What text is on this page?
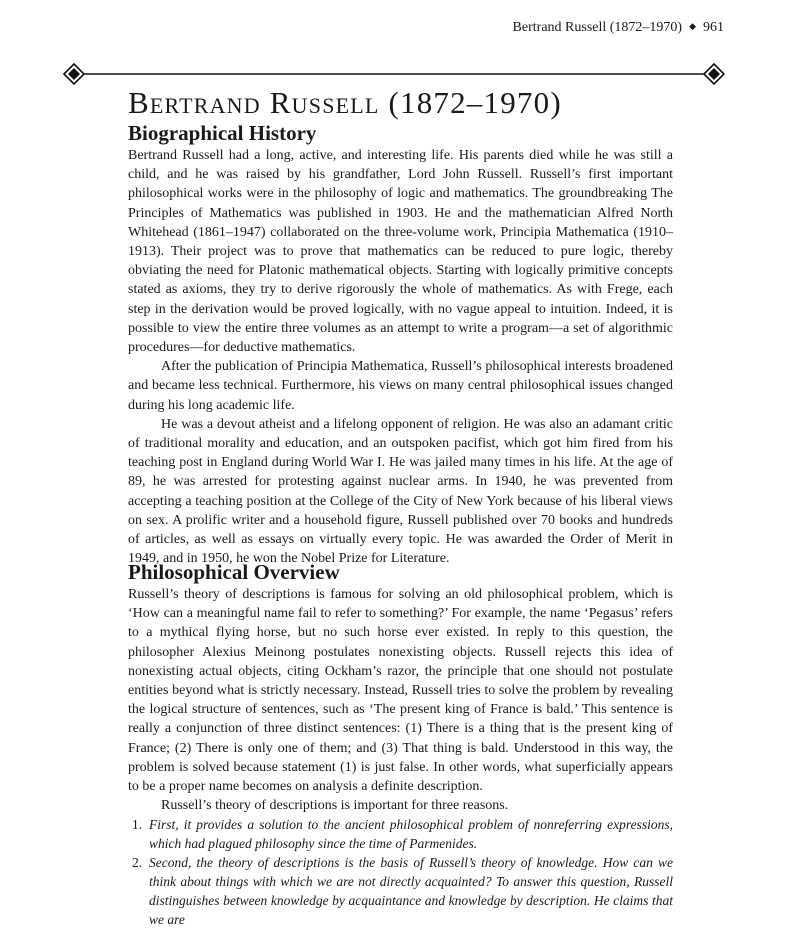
Bertrand Russell (1872–1970) ◆ 961
Bertrand Russell (1872–1970)
Biographical History

Bertrand Russell had a long, active, and interesting life. His parents died while he was still a child, and he was raised by his grandfather, Lord John Russell. Russell’s first important philosophical works were in the philosophy of logic and mathematics. The groundbreaking The Principles of Mathematics was published in 1903. He and the mathematician Alfred North Whitehead (1861–1947) collaborated on the three-volume work, Principia Mathematica (1910–1913). Their project was to prove that mathematics can be reduced to pure logic, thereby obviating the need for Platonic mathematical objects. Starting with logically primitive concepts stated as axioms, they try to derive rigorously the whole of mathematics. As with Frege, each step in the derivation would be proved logically, with no vague appeal to intuition. Indeed, it is possible to view the entire three volumes as an attempt to write a program—a set of algorithmic procedures—for deductive mathematics.

After the publication of Principia Mathematica, Russell’s philosophical interests broadened and became less technical. Furthermore, his views on many central philosophical issues changed during his long academic life.

He was a devout atheist and a lifelong opponent of religion. He was also an adamant critic of traditional morality and education, and an outspoken pacifist, which got him fired from his teaching post in England during World War I. He was jailed many times in his life. At the age of 89, he was arrested for protesting against nuclear arms. In 1940, he was prevented from accepting a teaching position at the College of the City of New York because of his liberal views on sex. A prolific writer and a household figure, Russell published over 70 books and hundreds of articles, as well as essays on virtually every topic. He was awarded the Order of Merit in 1949, and in 1950, he won the Nobel Prize for Literature.

Philosophical Overview

Russell’s theory of descriptions is famous for solving an old philosophical problem, which is ‘How can a meaningful name fail to refer to something?’ For example, the name ‘Pegasus’ refers to a mythical flying horse, but no such horse ever existed. In reply to this question, the philosopher Alexius Meinong postulates nonexisting objects. Russell rejects this idea of nonexisting actual objects, citing Ockham’s razor, the principle that one should not postulate entities beyond what is strictly necessary. Instead, Russell tries to solve the problem by revealing the logical structure of sentences, such as ‘The present king of France is bald.’ This sentence is really a conjunction of three distinct sentences: (1) There is a thing that is the present king of France; (2) There is only one of them; and (3) That thing is bald. Understood in this way, the problem is solved because statement (1) is just false. In other words, what superficially appears to be a proper name becomes on analysis a definite description.

Russell’s theory of descriptions is important for three reasons.

1. First, it provides a solution to the ancient philosophical problem of nonreferring expressions, which had plagued philosophy since the time of Parmenides.
2. Second, the theory of descriptions is the basis of Russell’s theory of knowledge. How can we think about things with which we are not directly acquainted? To answer this question, Russell distinguishes between knowledge by acquaintance and knowledge by description. He claims that we are
